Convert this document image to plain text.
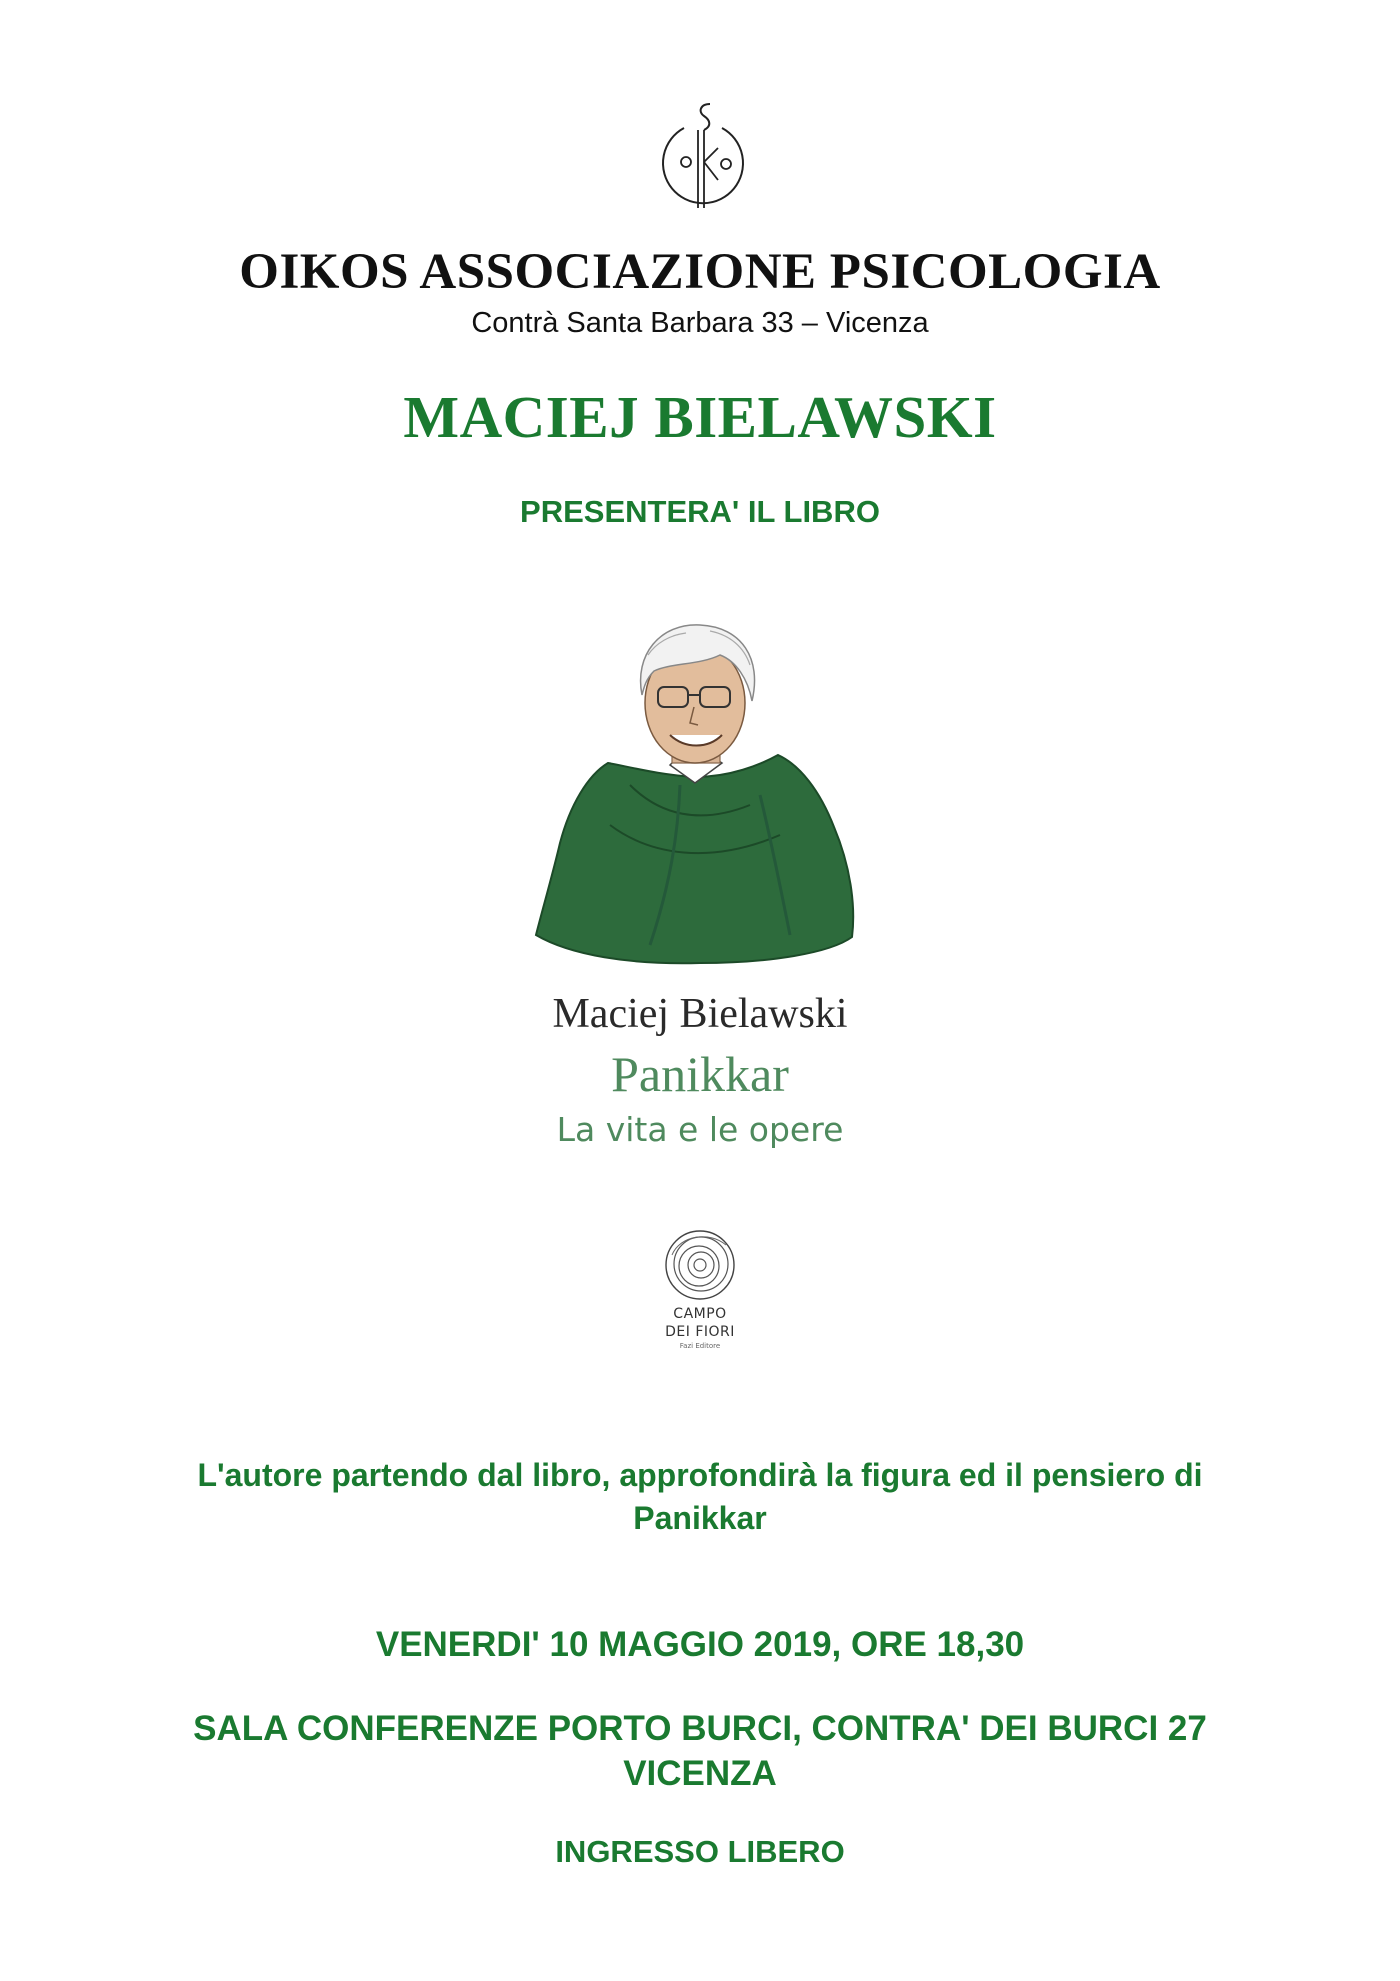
OIKOS ASSOCIAZIONE PSICOLOGIA
Contrà Santa Barbara 33 – Vicenza
MACIEJ BIELAWSKI
PRESENTERA' IL LIBRO
Maciej Bielawski
Panikkar
La vita e le opere
CAMPO
DEI FIORI
Fazi Editore
L'autore partendo dal libro, approfondirà la figura ed il pensiero di
Panikkar
VENERDI' 10 MAGGIO 2019, ORE 18,30
SALA CONFERENZE PORTO BURCI, CONTRA' DEI BURCI 27
VICENZA
INGRESSO LIBERO
